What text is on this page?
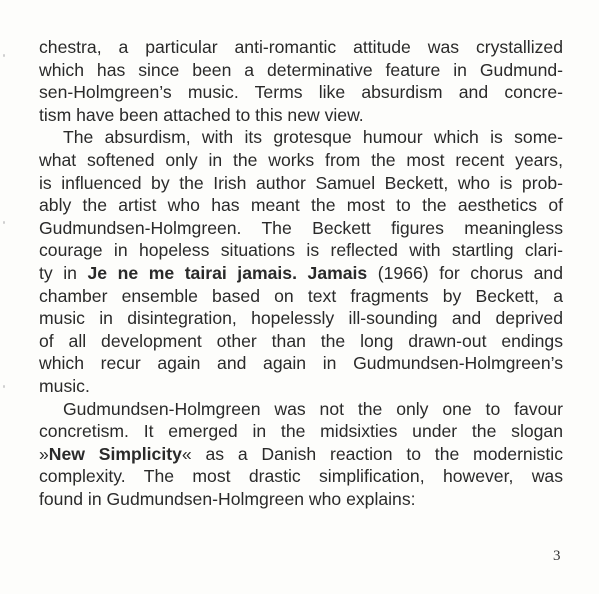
chestra, a particular anti-romantic attitude was crystallized
which has since been a determinative feature in Gudmund-
sen-Holmgreen’s music. Terms like absurdism and concre-
tism have been attached to this new view.
The absurdism, with its grotesque humour which is some-
what softened only in the works from the most recent years,
is influenced by the Irish author Samuel Beckett, who is prob-
ably the artist who has meant the most to the aesthetics of
Gudmundsen-Holmgreen. The Beckett figures meaningless
courage in hopeless situations is reflected with startling clari-
ty in Je ne me tairai jamais. Jamais (1966) for chorus and
chamber ensemble based on text fragments by Beckett, a
music in disintegration, hopelessly ill-sounding and deprived
of all development other than the long drawn-out endings
which recur again and again in Gudmundsen-Holmgreen’s
music.
Gudmundsen-Holmgreen was not the only one to favour
concretism. It emerged in the midsixties under the slogan
»New Simplicity« as a Danish reaction to the modernistic
complexity. The most drastic simplification, however, was
found in Gudmundsen-Holmgreen who explains:
3
